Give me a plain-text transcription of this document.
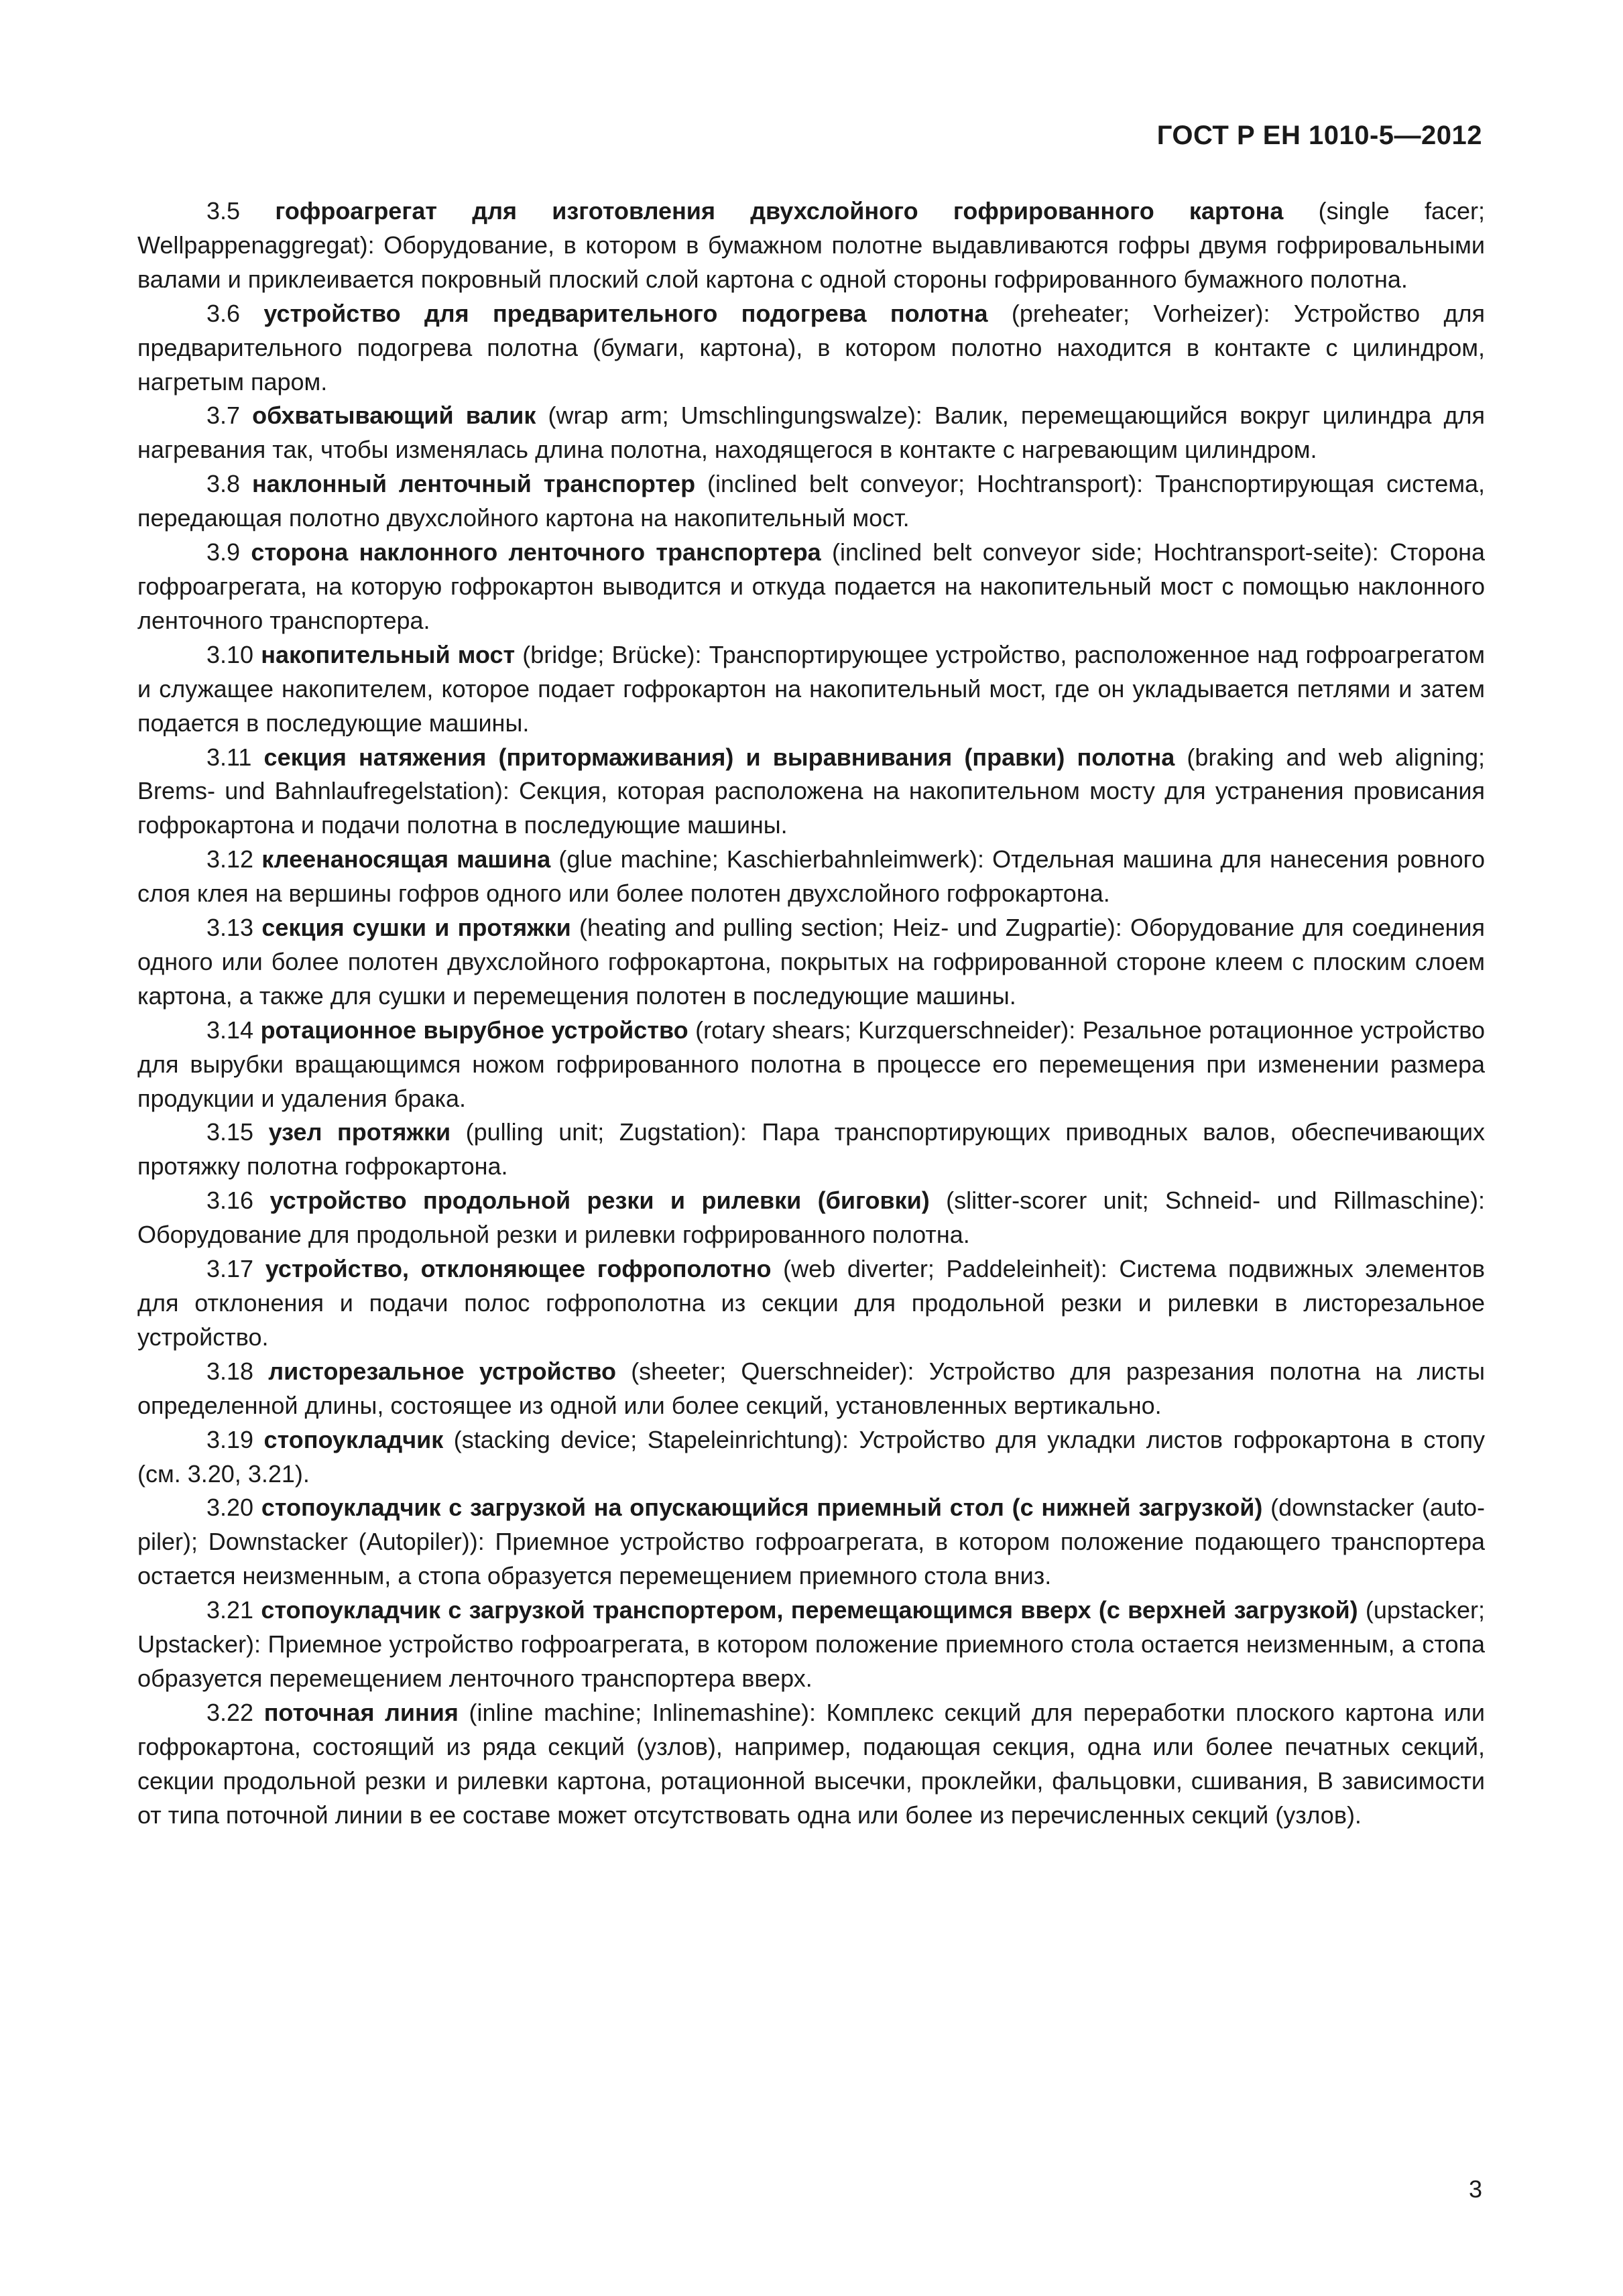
ГОСТ Р ЕН 1010-5—2012

3.5 гофроагрегат для изготовления двухслойного гофрированного картона (single facer; Wellpappenaggregat): Оборудование, в котором в бумажном полотне выдавливаются гофры двумя гофрировальными валами и приклеивается покровный плоский слой картона с одной стороны гофрированного бумажного полотна.

3.6 устройство для предварительного подогрева полотна (preheater; Vorheizer): Устройство для предварительного подогрева полотна (бумаги, картона), в котором полотно находится в контакте с цилиндром, нагретым паром.

3.7 обхватывающий валик (wrap arm; Umschlingungswalze): Валик, перемещающийся вокруг цилиндра для нагревания так, чтобы изменялась длина полотна, находящегося в контакте с нагревающим цилиндром.

3.8 наклонный ленточный транспортер (inclined belt conveyor; Hochtransport): Транспортирующая система, передающая полотно двухслойного картона на накопительный мост.

3.9 сторона наклонного ленточного транспортера (inclined belt conveyor side; Hochtransport-seite): Сторона гофроагрегата, на которую гофрокартон выводится и откуда подается на накопительный мост с помощью наклонного ленточного транспортера.

3.10 накопительный мост (bridge; Brücke): Транспортирующее устройство, расположенное над гофроагрегатом и служащее накопителем, которое подает гофрокартон на накопительный мост, где он укладывается петлями и затем подается в последующие машины.

3.11 секция натяжения (притормаживания) и выравнивания (правки) полотна (braking and web aligning; Brems- und Bahnlaufregelstation): Секция, которая расположена на накопительном мосту для устранения провисания гофрокартона и подачи полотна в последующие машины.

3.12 клеенаносящая машина (glue machine; Kaschierbahnleimwerk): Отдельная машина для нанесения ровного слоя клея на вершины гофров одного или более полотен двухслойного гофрокартона.

3.13 секция сушки и протяжки (heating and pulling section; Heiz- und Zugpartie): Оборудование для соединения одного или более полотен двухслойного гофрокартона, покрытых на гофрированной стороне клеем с плоским слоем картона, а также для сушки и перемещения полотен в последующие машины.

3.14 ротационное вырубное устройство (rotary shears; Kurzquerschneider): Резальное ротационное устройство для вырубки вращающимся ножом гофрированного полотна в процессе его перемещения при изменении размера продукции и удаления брака.

3.15 узел протяжки (pulling unit; Zugstation): Пара транспортирующих приводных валов, обеспечивающих протяжку полотна гофрокартона.

3.16 устройство продольной резки и рилевки (биговки) (slitter-scorer unit; Schneid- und Rillmaschine): Оборудование для продольной резки и рилевки гофрированного полотна.

3.17 устройство, отклоняющее гофрополотно (web diverter; Paddeleinheit): Система подвижных элементов для отклонения и подачи полос гофрополотна из секции для продольной резки и рилевки в листорезальное устройство.

3.18 листорезальное устройство (sheeter; Querschneider): Устройство для разрезания полотна на листы определенной длины, состоящее из одной или более секций, установленных вертикально.

3.19 стопоукладчик (stacking device; Stapeleinrichtung): Устройство для укладки листов гофрокартона в стопу (см. 3.20, 3.21).

3.20 стопоукладчик с загрузкой на опускающийся приемный стол (с нижней загрузкой) (downstacker (auto-piler); Downstacker (Autopiler)): Приемное устройство гофроагрегата, в котором положение подающего транспортера остается неизменным, а стопа образуется перемещением приемного стола вниз.

3.21 стопоукладчик с загрузкой транспортером, перемещающимся вверх (с верхней загрузкой) (upstacker; Upstacker): Приемное устройство гофроагрегата, в котором положение приемного стола остается неизменным, а стопа образуется перемещением ленточного транспортера вверх.

3.22 поточная линия (inline machine; Inlinemashine): Комплекс секций для переработки плоского картона или гофрокартона, состоящий из ряда секций (узлов), например, подающая секция, одна или более печатных секций, секции продольной резки и рилевки картона, ротационной высечки, проклейки, фальцовки, сшивания, В зависимости от типа поточной линии в ее составе может отсутствовать одна или более из перечисленных секций (узлов).

3
